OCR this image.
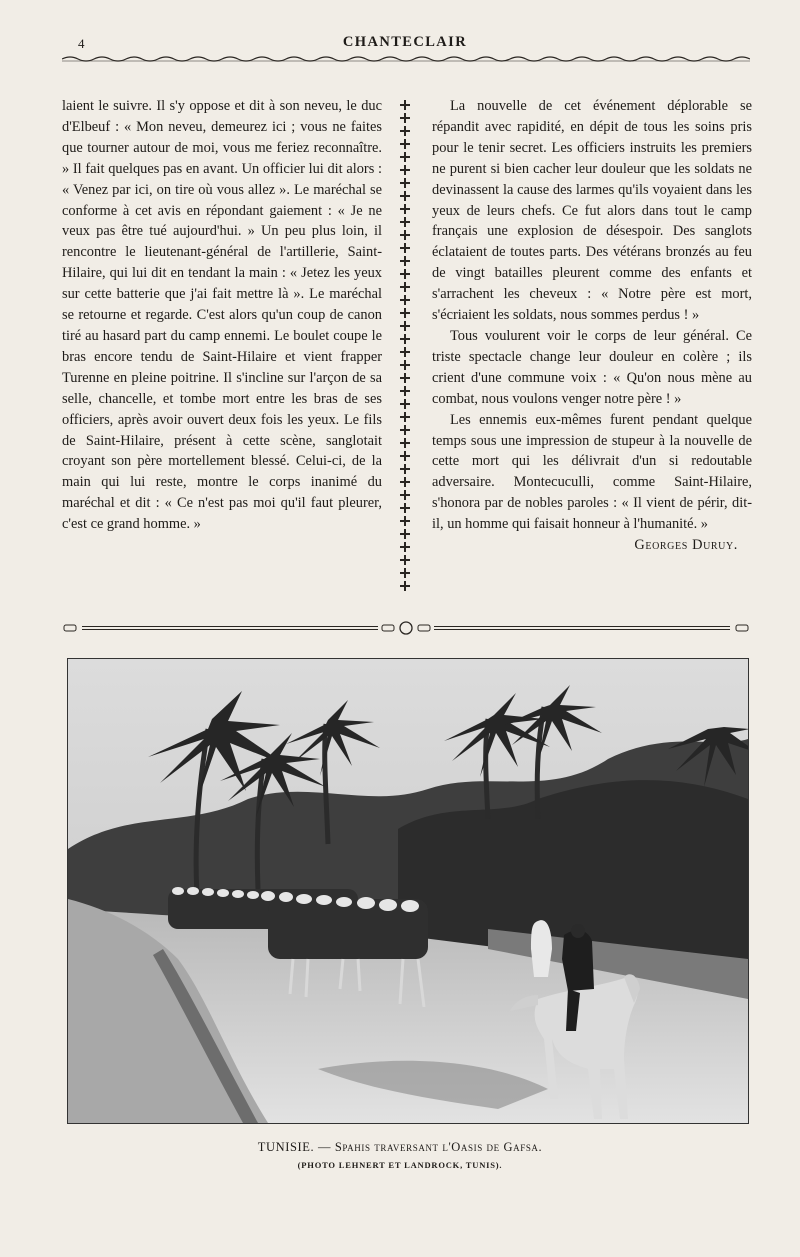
4	CHANTECLAIR

laient le suivre. Il s'y oppose et dit à son neveu, le duc d'Elbeuf : « Mon neveu, demeurez ici ; vous ne faites que tourner autour de moi, vous me feriez reconnaître. » Il fait quelques pas en avant. Un officier lui dit alors : « Venez par ici, on tire où vous allez ». Le maréchal se conforme à cet avis en répondant gaiement : « Je ne veux pas être tué aujourd'hui. » Un peu plus loin, il rencontre le lieutenant-général de l'artillerie, Saint-Hilaire, qui lui dit en tendant la main : « Jetez les yeux sur cette batterie que j'ai fait mettre là ». Le maréchal se retourne et regarde. C'est alors qu'un coup de canon tiré au hasard part du camp ennemi. Le boulet coupe le bras encore tendu de Saint-Hilaire et vient frapper Turenne en pleine poitrine. Il s'incline sur l'arçon de sa selle, chancelle, et tombe mort entre les bras de ses officiers, après avoir ouvert deux fois les yeux. Le fils de Saint-Hilaire, présent à cette scène, sanglotait croyant son père mortellement blessé. Celui-ci, de la main qui lui reste, montre le corps inanimé du maréchal et dit : « Ce n'est pas moi qu'il faut pleurer, c'est ce grand homme. »

La nouvelle de cet événement déplorable se répandit avec rapidité, en dépit de tous les soins pris pour le tenir secret. Les officiers instruits les premiers ne purent si bien cacher leur douleur que les soldats ne devinassent la cause des larmes qu'ils voyaient dans les yeux de leurs chefs. Ce fut alors dans tout le camp français une explosion de désespoir. Des sanglots éclataient de toutes parts. Des vétérans bronzés au feu de vingt batailles pleurent comme des enfants et s'arrachent les cheveux : « Notre père est mort, s'écriaient les soldats, nous sommes perdus ! »

Tous voulurent voir le corps de leur général. Ce triste spectacle change leur douleur en colère ; ils crient d'une commune voix : « Qu'on nous mène au combat, nous voulons venger notre père ! »

Les ennemis eux-mêmes furent pendant quelque temps sous une impression de stupeur à la nouvelle de cette mort qui les délivrait d'un si redoutable adversaire. Montecuculli, comme Saint-Hilaire, s'honora par de nobles paroles : « Il vient de périr, dit-il, un homme qui faisait honneur à l'humanité. »
Georges Duruy.

TUNISIE. — Spahis traversant l'Oasis de Gafsa.
(PHOTO LEHNERT ET LANDROCK, TUNIS).
